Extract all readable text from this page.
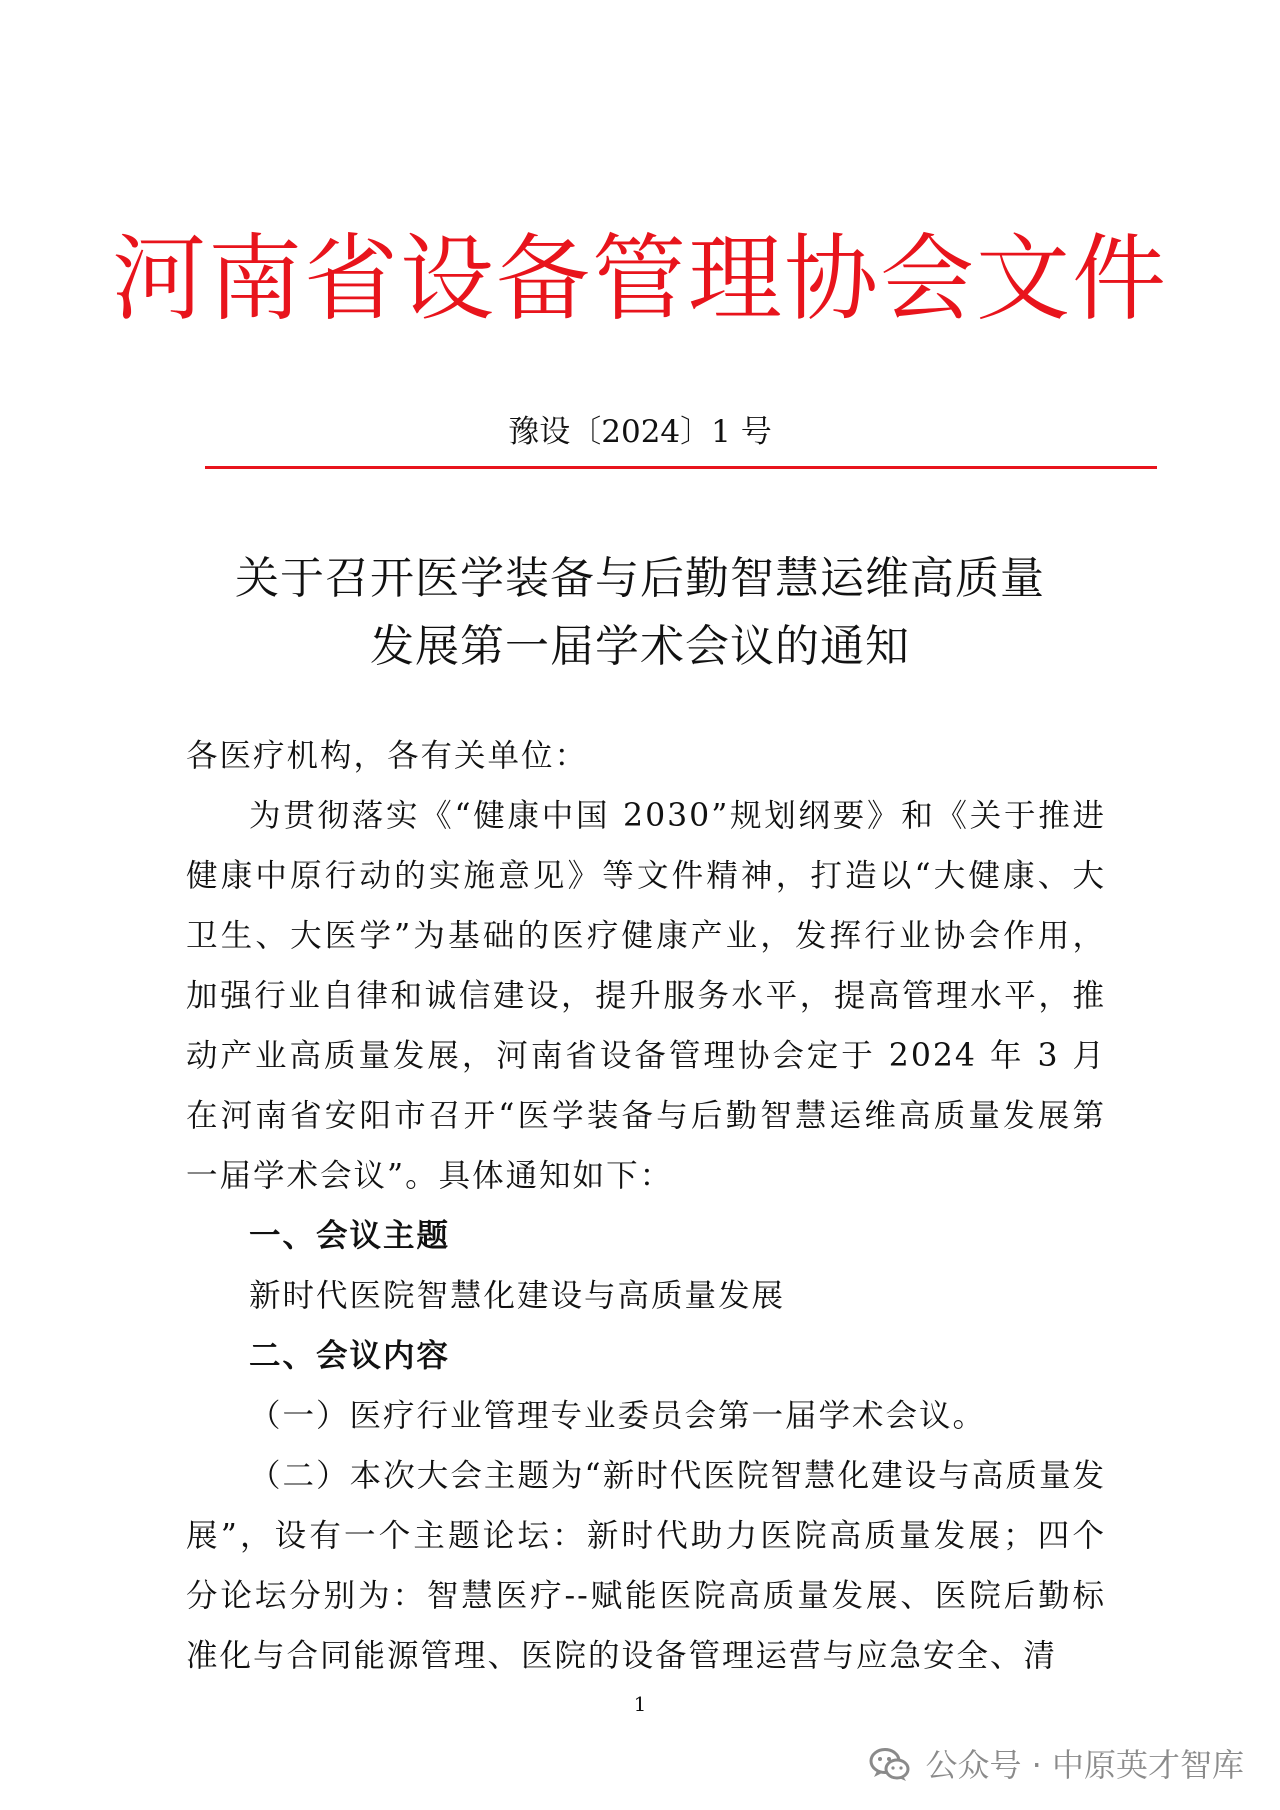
河南省设备管理协会文件
豫设〔2024〕1 号
关于召开医学装备与后勤智慧运维高质量
发展第一届学术会议的通知

各医疗机构，各有关单位：

为贯彻落实《“健康中国 2030”规划纲要》和《关于推进健康中原行动的实施意见》等文件精神，打造以“大健康、大卫生、大医学”为基础的医疗健康产业，发挥行业协会作用，加强行业自律和诚信建设，提升服务水平，提高管理水平，推动产业高质量发展，河南省设备管理协会定于 2024 年 3 月在河南省安阳市召开“医学装备与后勤智慧运维高质量发展第一届学术会议”。具体通知如下：

一、会议主题

新时代医院智慧化建设与高质量发展

二、会议内容

（一）医疗行业管理专业委员会第一届学术会议。

（二）本次大会主题为“新时代医院智慧化建设与高质量发展”，设有一个主题论坛：新时代助力医院高质量发展；四个分论坛分别为：智慧医疗--赋能医院高质量发展、医院后勤标准化与合同能源管理、医院的设备管理运营与应急安全、清

1
公众号 · 中原英才智库
